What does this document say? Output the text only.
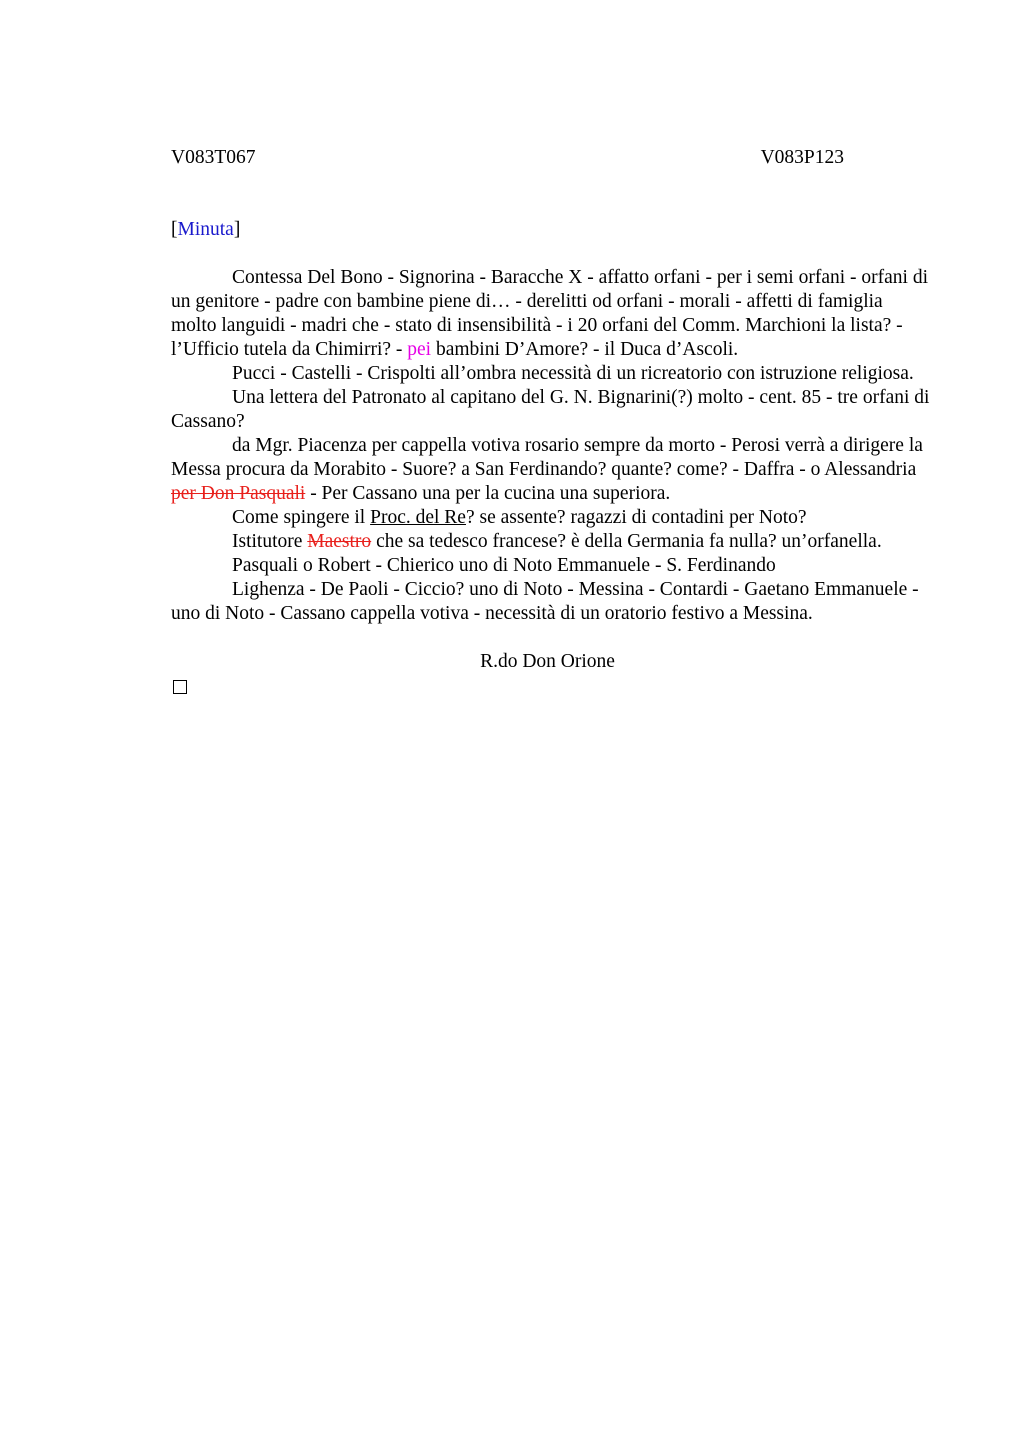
V083T067	V083P123
[Minuta]

Contessa Del Bono - Signorina - Baracche X - affatto orfani - per i semi orfani - orfani di un genitore - padre con bambine piene di… - derelitti od orfani - morali - affetti di famiglia molto languidi - madri che - stato di insensibilità - i 20 orfani del Comm. Marchioni la lista? - l’Ufficio tutela da Chimirri? - pei bambini D’Amore? - il Duca d’Ascoli.

Pucci - Castelli - Crispolti all’ombra necessità di un ricreatorio con istruzione religiosa.

Una lettera del Patronato al capitano del G. N. Bignarini(?) molto - cent. 85 - tre orfani di Cassano?

da Mgr. Piacenza per cappella votiva rosario sempre da morto - Perosi verrà a dirigere la Messa procura da Morabito - Suore? a San Ferdinando? quante? come? - Daffra - o Alessandria per Don Pasquali - Per Cassano una per la cucina una superiora.

Come spingere il Proc. del Re? se assente? ragazzi di contadini per Noto?

Istitutore Maestro che sa tedesco francese? è della Germania fa nulla? un’orfanella.

Pasquali o Robert - Chierico uno di Noto Emmanuele - S. Ferdinando

Lighenza - De Paoli - Ciccio? uno di Noto - Messina - Contardi - Gaetano Emmanuele - uno di Noto - Cassano cappella votiva - necessità di un oratorio festivo a Messina.

R.do Don Orione
